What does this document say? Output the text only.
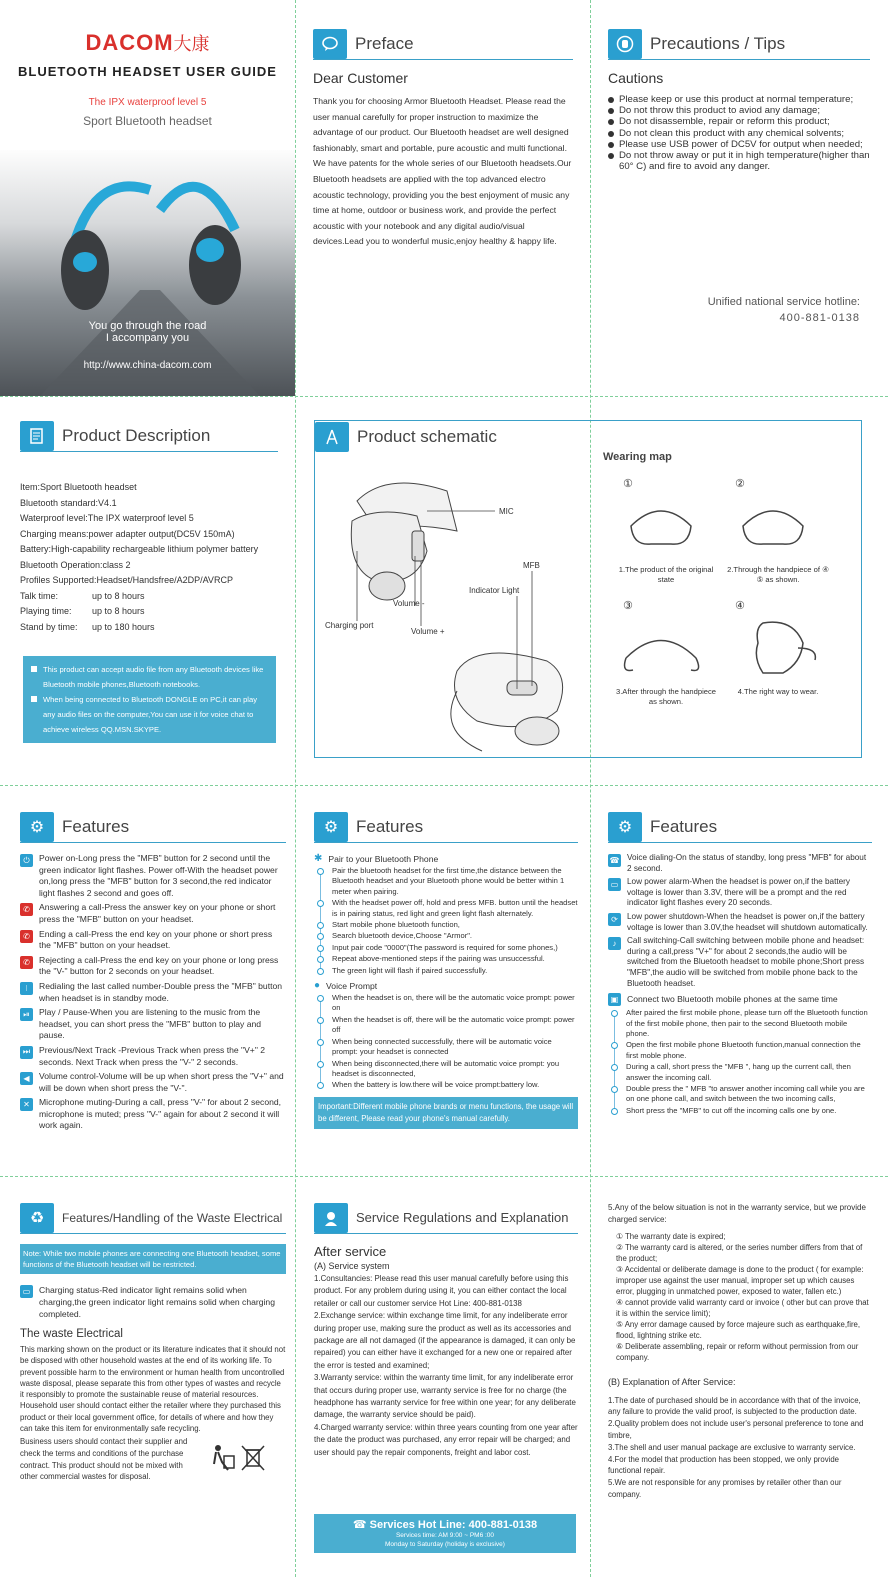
DACOM大康
BLUETOOTH HEADSET USER GUIDE
The IPX waterproof level 5
Sport Bluetooth headset
You go through the road
I accompany you
http://www.china-dacom.com
Preface
Dear Customer
Thank you for choosing Armor Bluetooth Headset. Please read the user manual carefully for proper instruction to maximize the advantage of our product. Our Bluetooth headset are well designed fashionably, smart and portable, pure acoustic and multi functional. We have patents for the whole series of our Bluetooth headsets.Our Bluetooth headsets are applied with the top advanced electro acoustic technology, providing you the best enjoyment of music any time at home, outdoor or business work, and provide the perfect acoustic with your notebook and any digital audio/visual devices.Lead you to wonderful music,enjoy healthy & happy life.
Precautions / Tips
Cautions
Please keep or use this product at normal temperature;
Do not throw this product to aviod any damage;
Do not disassemble, repair or reform this product;
Do not clean this product with any chemical solvents;
Please use USB power of DC5V for output when needed;
Do not throw away or put it in high temperature(higher than 60° C) and fire to avoid any danger.
Unified national service hotline:
400-881-0138
Product Description
Item:Sport Bluetooth headset
Bluetooth standard:V4.1
Waterproof level:The IPX waterproof level 5
Charging means:power adapter output(DC5V 150mA)
Battery:High-capability rechargeable lithium polymer battery
Bluetooth Operation:class 2
Profiles Supported:Headset/Handsfree/A2DP/AVRCP
Talk time:	up to 8 hours
Playing time:	up to 8 hours
Stand by time:	up to 180 hours
This product can accept audio file from any Bluetooth devices like Bluetooth mobile phones,Bluetooth notebooks.
When being connected to Bluetooth DONGLE on PC,it can play any audio files on the computer,You can use it for voice chat to achieve wireless QQ.MSN.SKYPE.
Product schematic
MIC
MFB
Indicator Light
Volume -
Volume +
Charging port
Wearing map
①
1.The product of the original state
②
2.Through the handpiece of ④ ⑤ as shown.
③
3.After through the handpiece as shown.
④
4.The right way to wear.
⚙	Features
⏻	Power on-Long press the "MFB" button for 2 second until the green indicator light flashes. Power off-With the headset power on,long press the "MFB" button for 3 second,the red indicator light flashes 2 second and goes off.
✆	Answering a call-Press the answer key on your phone or short press the "MFB" button on your headset.
✆	Ending a call-Press the end key on your phone or short press the "MFB" button on your headset.
✆	Rejecting a call-Press the end key on your phone or long press the "V-" button for 2 seconds on your headset.
⁝	Redialing the last called number-Double press the "MFB" button when headset is in standby mode.
⏯	Play / Pause-When you are listening to the music from the headset, you can short press the "MFB" button to play and pause.
⏭	Previous/Next Track -Previous Track when press the "V+" 2 seconds. Next Track when press the "V-" 2 seconds.
◀	Volume control-Volume will be up when short press the "V+" and will be down when short press the "V-".
✕	Microphone muting-During a call, press "V-" for about 2 second, microphone is muted; press "V-" again for about 2 second it will work again.
⚙	Features
✱ Pair to your Bluetooth Phone
Pair the bluetooth headset for the first time,the distance between the Bluetooth headset and your Bluetooth phone would be better within 1 meter when pairing.
With the headset power off, hold and press MFB. button until the headset is in pairing status, red light and green light flash alternately.
Start mobile phone bluetooth function,
Search bluetooth device,Choose "Armor".
Input pair code "0000"(The password is required for some phones,)
Repeat above-mentioned steps if the pairing was unsuccessful.
The green light will flash if paired successfully.
● Voice Prompt
When the headset is on, there will be the automatic voice prompt: power on
When the headset is off, there will be the automatic voice prompt: power off
When being connected successfully, there will be automatic voice prompt: your headset is connected
When being disconnected,there will be automatic voice prompt: you headset is disconnected,
When the battery is low.there will be voice prompt:battery low.
Important:Different mobile phone brands or menu functions, the usage will be different, Please read your phone's manual carefully.
⚙	Features
☎ Voice dialing-On the status of standby, long press "MFB" for about 2 second.
▭	Low power alarm-When the headset is power on,if the battery voltage is lower than 3.3V, there will be a prompt and the red indicator light flashes every 20 seconds.
⟳	Low power shutdown-When the headset is power on,if the battery voltage is lower than 3.0V,the headset will shutdown automatically.
♪	Call switching-Call switching between mobile phone and headset: during a call,press "V+" for about 2 seconds,the audio will be switched from the Bluetooth headset to mobile phone;Short press "MFB",the audio will be switched from mobile phone back to the Bluetooth headset.
▣	Connect two Bluetooth mobile phones at the same time
After paired the first mobile phone, please turn off the Bluetooth function of the first mobile phone, then pair to the second Bluetooth mobile phone.
Open the first mobile phone Bluetooth function,manual connection the first moble phone.
During a call, short press the "MFB ", hang up the current call, then answer the incoming call.
Double press the " MFB "to answer another incoming call while you are on one phone call, and switch between the two incoming calls,
Short press the "MFB" to cut off the incoming calls one by one.
♻	Features/Handling of the Waste Electrical
Note: While two mobile phones are connecting one Bluetooth headset, some functions of the Bluetooth headset will be restricted.
▭	Charging status-Red indicator light remains solid when charging,the green indicator light remains solid when charging completed.
The waste Electrical
This marking shown on the product or its literature indicates that it should not be disposed with other household wastes at the end of its working life. To prevent possible harm to the environment or human health from uncontrolled waste disposal, please separate this from other types of wastes and recycle it responsibly to promote the sustainable reuse of material resources. Household user should contact either the retailer where they purchased this product or their local government office, for details of where and how they can take this item for environmentally safe recycling.
Business users should contact their supplier and check the terms and conditions of the purchase contract. This product should not be mixed with other commercial wastes for disposal.
Service Regulations and Explanation
After service
(A) Service system
1.Consultancies: Please read this user manual carefully before using this product. For any problem during using it, you can either contact the local retailer or call our customer service Hot Line: 400-881-0138
2.Exchange service: within exchange time limit, for any indeliberate error during proper use, making sure the product as well as its accessories and package are all not damaged (if the appearance is damaged, it can only be repaired) you can either have it exchanged for a new one or repaired after the error is tested and examined;
3.Warranty service: within the warranty time limit, for any indeliberate error that occurs during proper use, warranty service is free for no charge (the headphone has warranty service for free within one year; for any deliberate damage, the warranty service should be paid).
4.Charged warranty service: within three years counting from one year after the date the product was purchased, any error repair will be charged; and user should pay the repair components, freight and labor cost.
☎ Services Hot Line: 400-881-0138
Services time: AM 9:00 ~ PM6 :00
Monday to Saturday (holiday is exclusive)
5.Any of the below situation is not in the warranty service, but we provide charged service:
① The warranty date is expired;
② The warranty card is altered, or the series number differs from that of the product;
③ Accidental or deliberate damage is done to the product ( for example: improper use against the user manual, improper set up which causes error, plugging in unmatched power, exposed to water, fallen etc.)
④ cannot provide valid warranty card or invoice ( other but can prove that it is within the service limit);
⑤ Any error damage caused by force majeure such as earthquake,fire, flood, lightning strike etc.
⑥ Deliberate assembling, repair or reform without permission from our company.
(B) Explanation of After Service:
1.The date of purchased should be in accordance with that of the invoice, any failure to provide the valid proof, is subjected to the production date.
2.Quality problem does not include user's personal preference to tone and timbre,
3.The shell and user manual package are exclusive to warranty service.
4.For the model that production has been stopped, we only provide functional repair.
5.We are not responsible for any promises by retailer other than our company.
